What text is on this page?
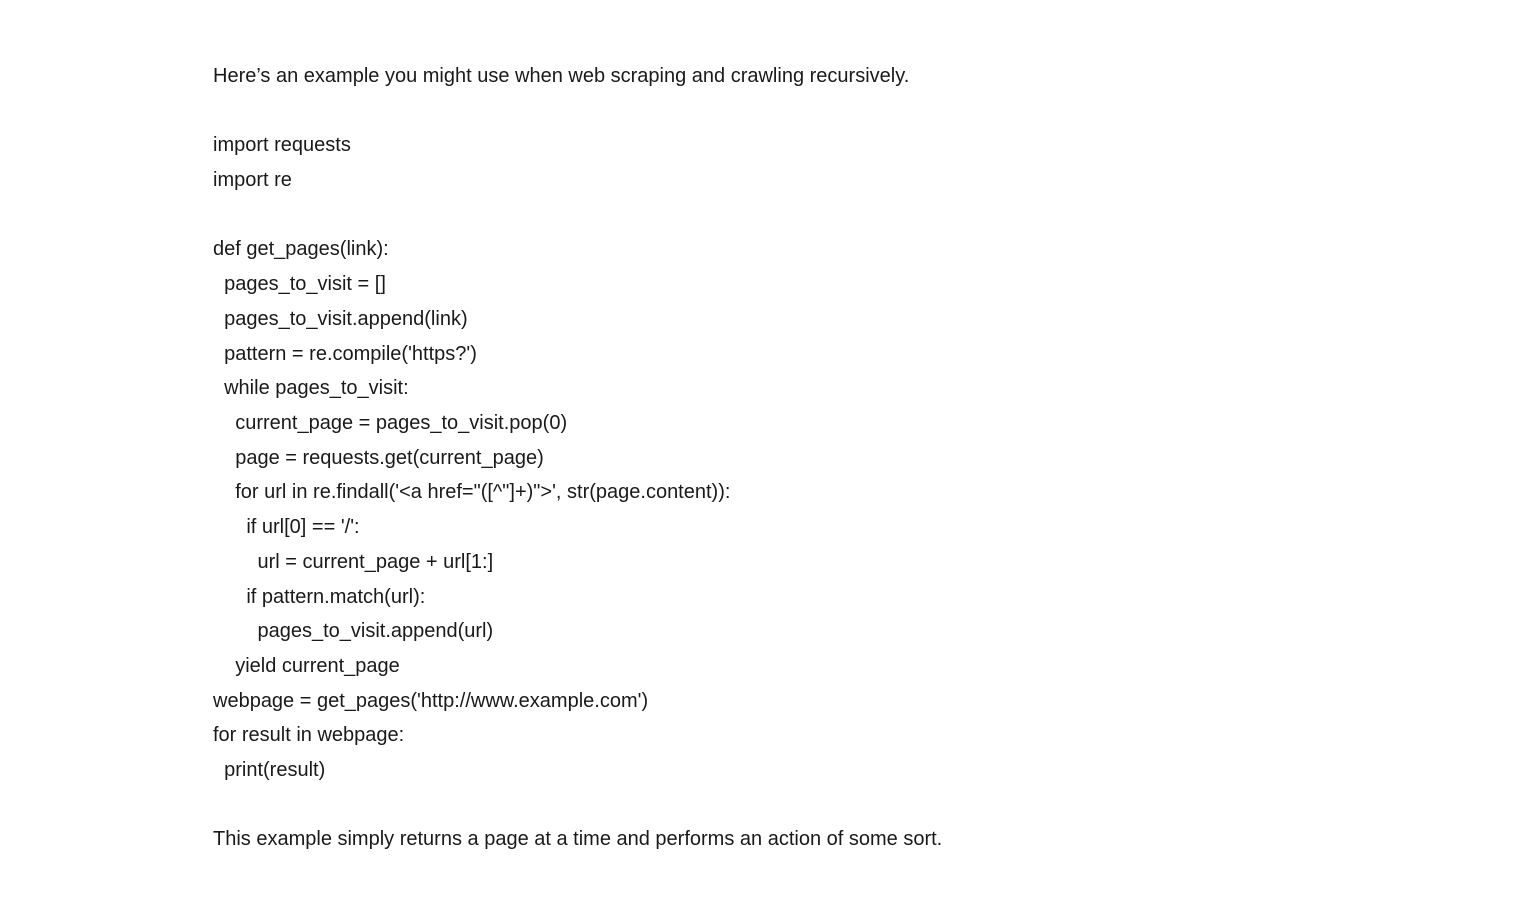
Here’s an example you might use when web scraping and crawling recursively.

import requests
import re
def get_pages(link):
pages_to_visit = []
pages_to_visit.append(link)
pattern = re.compile('https?')
while pages_to_visit:
current_page = pages_to_visit.pop(0)
page = requests.get(current_page)
for url in re.findall('<a href="([^"]+)">', str(page.content)):
if url[0] == '/':
url = current_page + url[1:]
if pattern.match(url):
pages_to_visit.append(url)
yield current_page
webpage = get_pages('http://www.example.com')
for result in webpage:
print(result)

This example simply returns a page at a time and performs an action of some sort.
